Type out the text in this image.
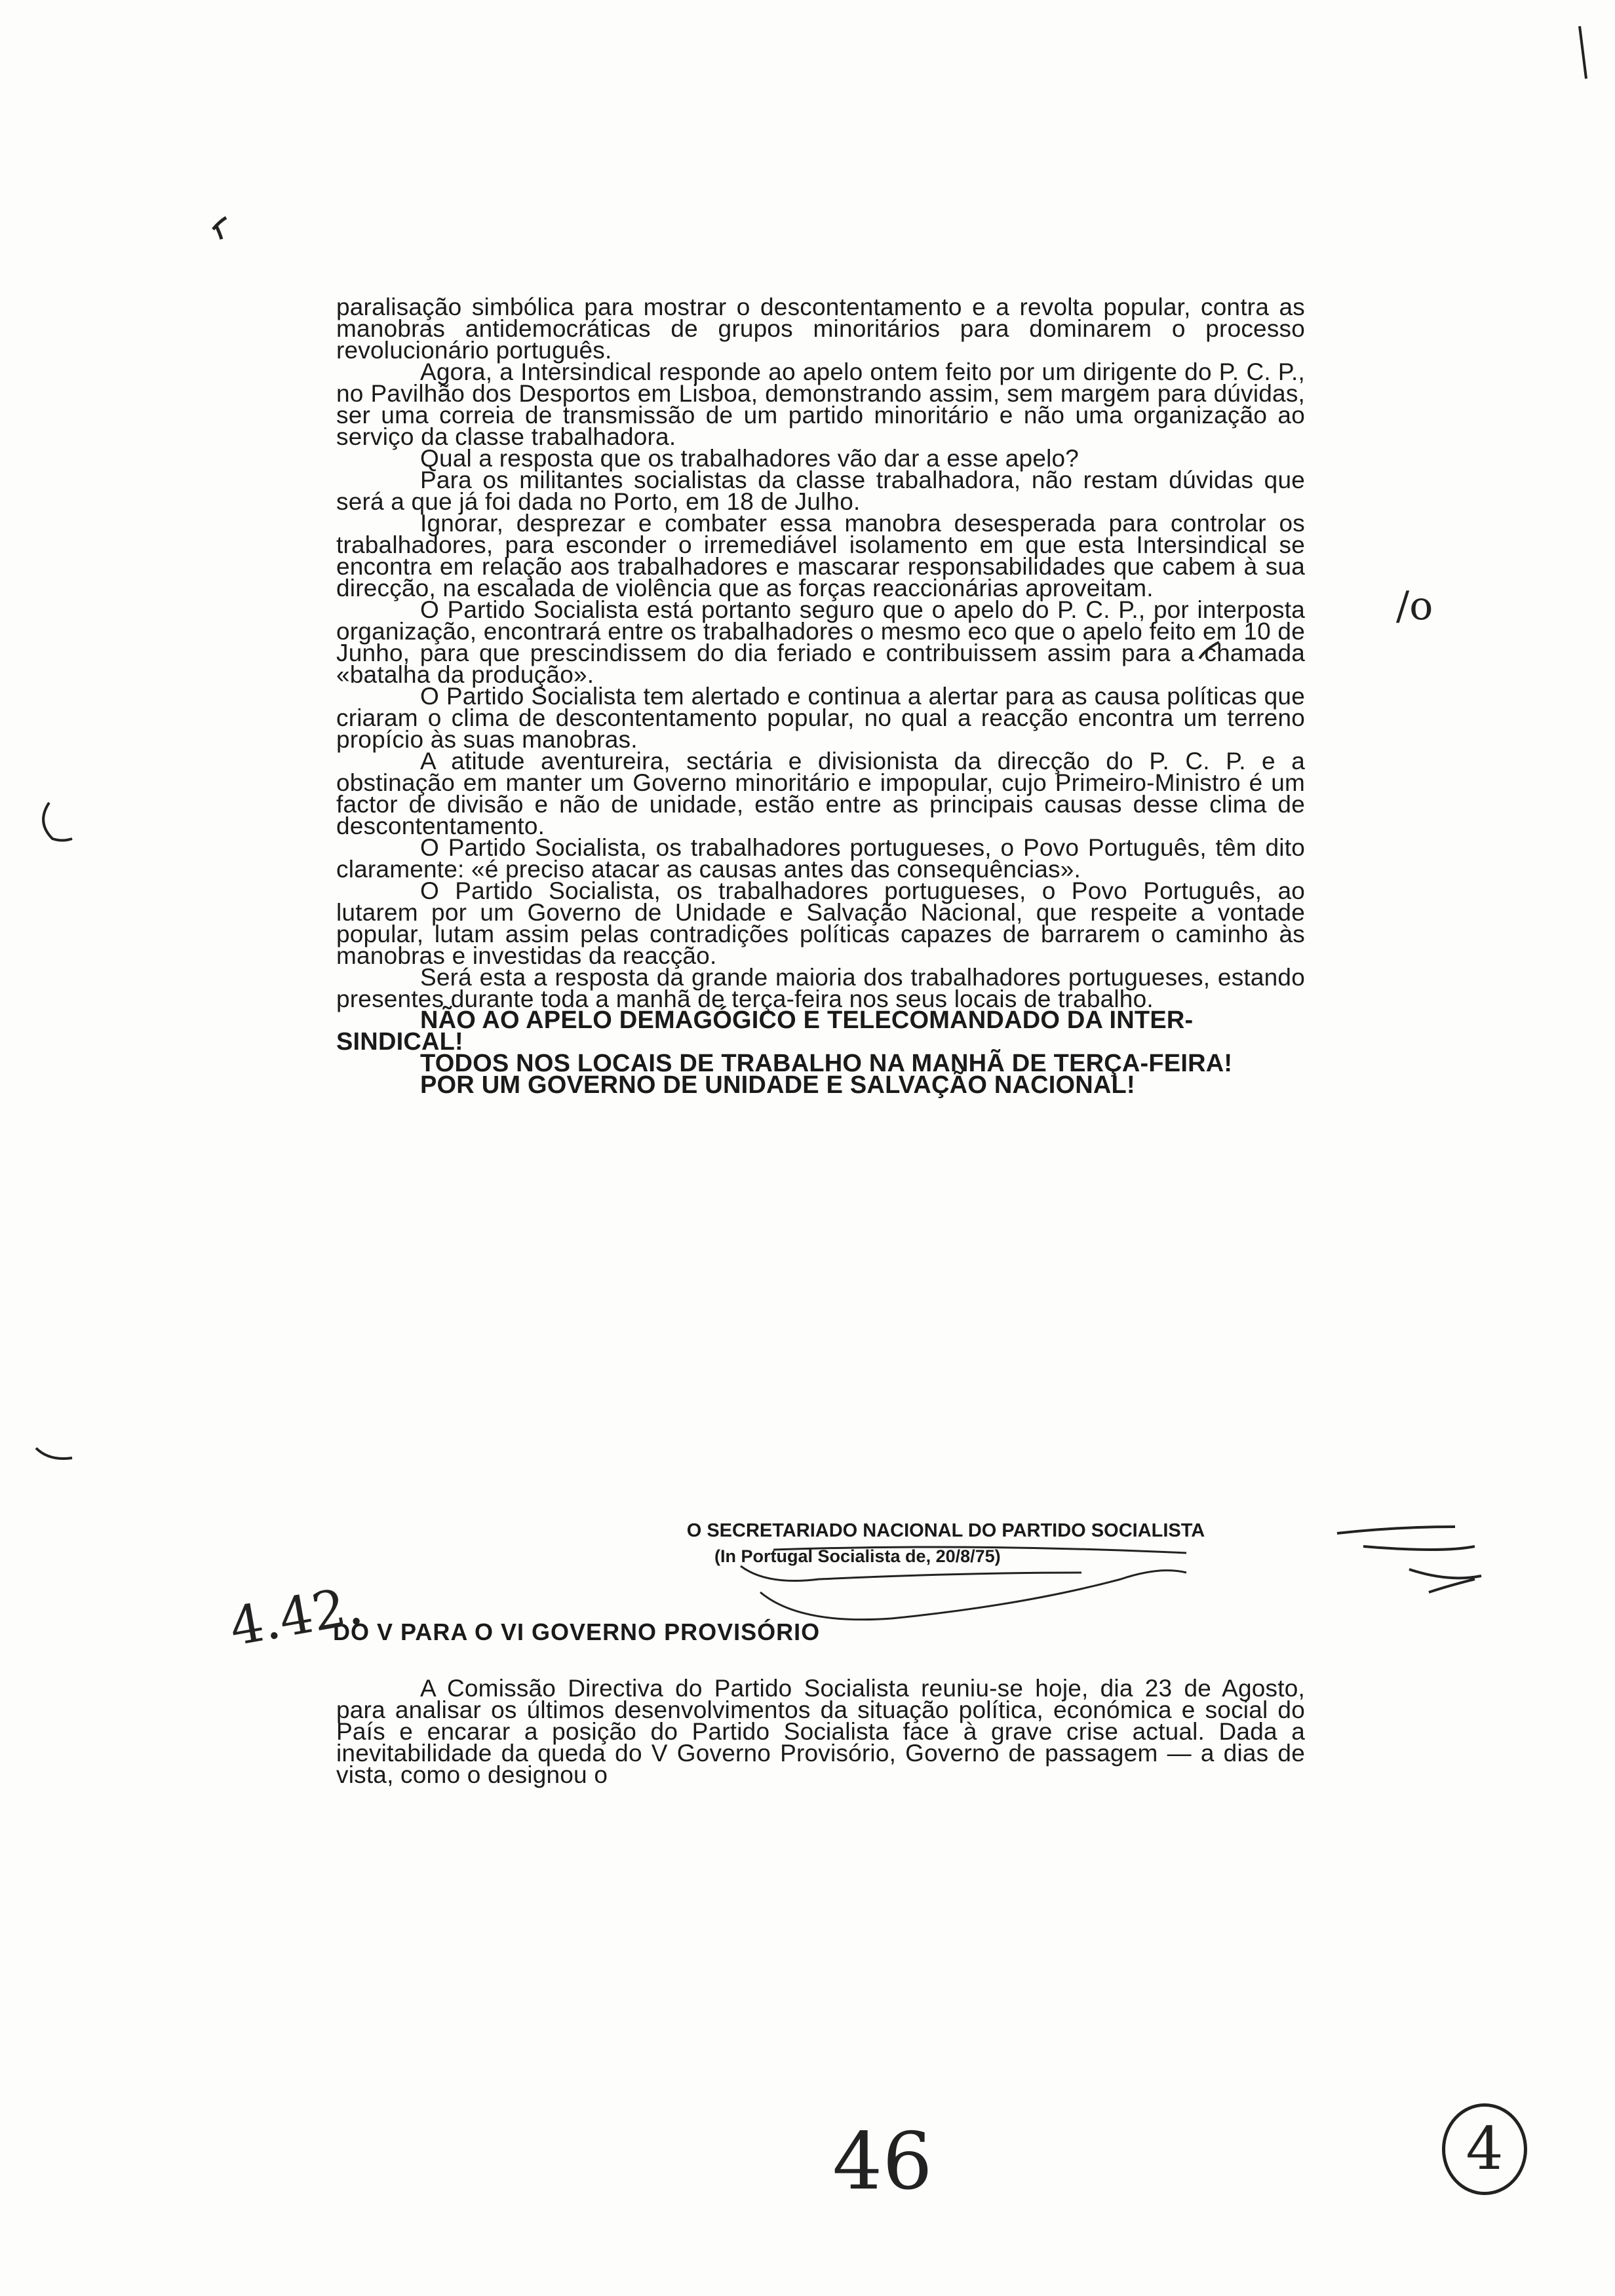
paralisação simbólica para mostrar o descontentamento e a revolta popular, contra as manobras antidemocráticas de grupos minoritários para dominarem o processo revolucionário português.

Agora, a Intersindical responde ao apelo ontem feito por um dirigente do P. C. P., no Pavilhão dos Desportos em Lisboa, demonstrando assim, sem margem para dúvidas, ser uma correia de transmissão de um partido minoritário e não uma organização ao serviço da classe trabalhadora.

Qual a resposta que os trabalhadores vão dar a esse apelo?

Para os militantes socialistas da classe trabalhadora, não restam dúvidas que será a que já foi dada no Porto, em 18 de Julho.

Ignorar, desprezar e combater essa manobra desesperada para controlar os trabalhadores, para esconder o irremediável isolamento em que esta Intersindical se encontra em relação aos trabalhadores e mascarar responsabilidades que cabem à sua direcção, na escalada de violência que as forças reaccionárias aproveitam.

O Partido Socialista está portanto seguro que o apelo do P. C. P., por interposta organização, encontrará entre os trabalhadores o mesmo eco que o apelo feito em 10 de Junho, para que prescindissem do dia feriado e contribuissem assim para a chamada «batalha da produção».

O Partido Socialista tem alertado e continua a alertar para as causa políticas que criaram o clima de descontentamento popular, no qual a reacção encontra um terreno propício às suas manobras.

A atitude aventureira, sectária e divisionista da direcção do P. C. P. e a obstinação em manter um Governo minoritário e impopular, cujo Primeiro-Ministro é um factor de divisão e não de unidade, estão entre as principais causas desse clima de descontentamento.

O Partido Socialista, os trabalhadores portugueses, o Povo Português, têm dito claramente: «é preciso atacar as causas antes das consequências».

O Partido Socialista, os trabalhadores portugueses, o Povo Português, ao lutarem por um Governo de Unidade e Salvação Nacional, que respeite a vontade popular, lutam assim pelas contradições políticas capazes de barrarem o caminho às manobras e investidas da reacção.

Será esta a resposta da grande maioria dos trabalhadores portugueses, estando presentes durante toda a manhã de terça-feira nos seus locais de trabalho.

NÃO AO APELO DEMAGÓGICO E TELECOMANDADO DA INTER-

SINDICAL!

TODOS NOS LOCAIS DE TRABALHO NA MANHÃ DE TERÇA-FEIRA!

POR UM GOVERNO DE UNIDADE E SALVAÇÃO NACIONAL!

O SECRETARIADO NACIONAL DO PARTIDO SOCIALISTA
(In Portugal Socialista de, 20/8/75)
DO V PARA O VI GOVERNO PROVISÓRIO

A Comissão Directiva do Partido Socialista reuniu-se hoje, dia 23 de Agosto, para analisar os últimos desenvolvimentos da situação política, económica e social do País e encarar a posição do Partido Socialista face à grave crise actual. Dada a inevitabilidade da queda do V Governo Provisório, Governo de passagem — a dias de vista, como o designou o

4.42.
/o
46	4
